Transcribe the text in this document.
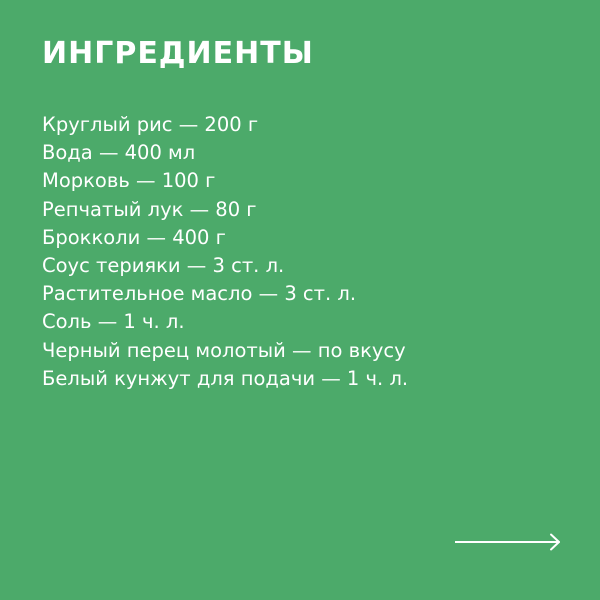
ИНГРЕДИЕНТЫ
Круглый рис — 200 г
Вода — 400 мл
Морковь — 100 г
Репчатый лук — 80 г
Брокколи — 400 г
Соус терияки — 3 ст. л.
Растительное масло — 3 ст. л.
Соль — 1 ч. л.
Черный перец молотый — по вкусу
Белый кунжут для подачи — 1 ч. л.
